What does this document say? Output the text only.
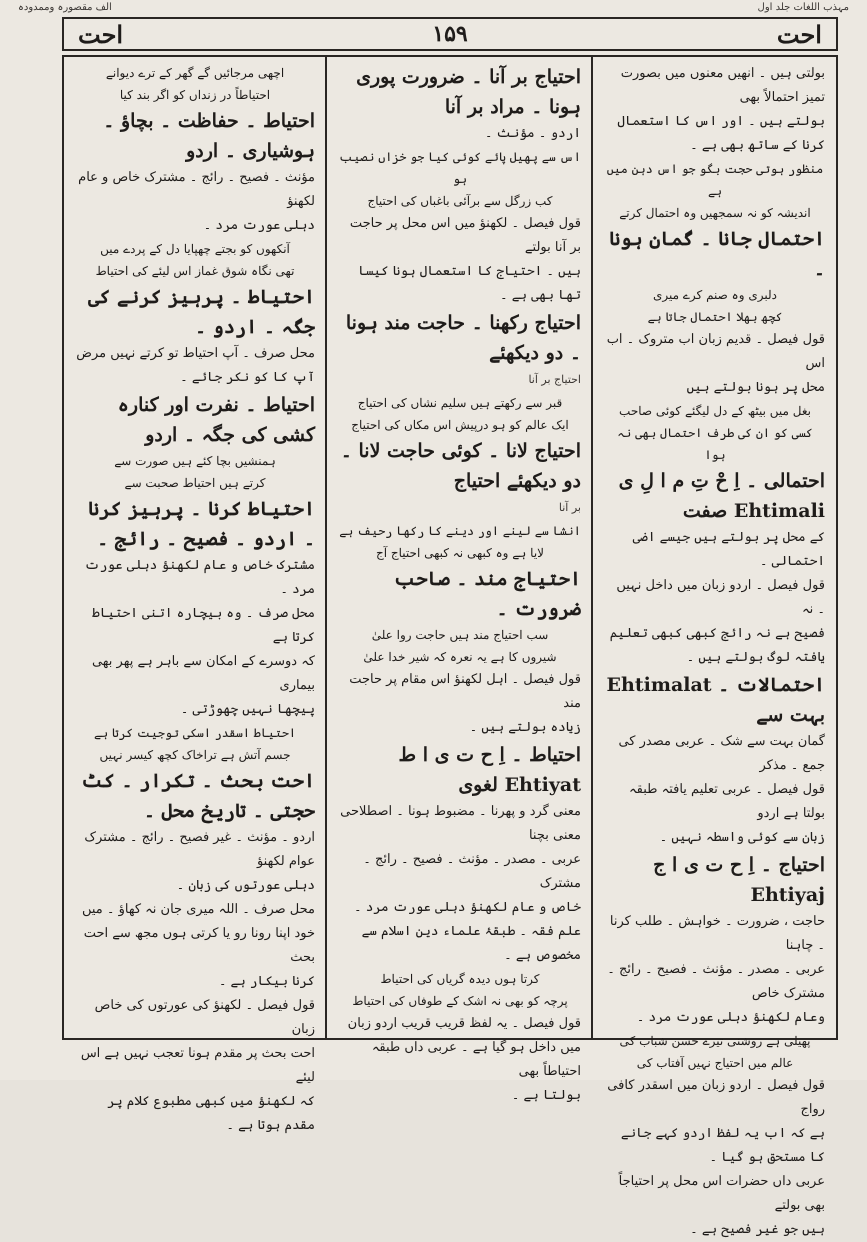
مہذب اللغات جلد اول
الف مقصورہ وممدودہ
احت	۱۵۹	احت

بولتی ہیں ۔ انھیں معنوں میں بصورت تمیز احتمالاً بھی

بولتے ہیں ۔ اور اس کا استعمال کرنا کے ساتھ بھی ہے ۔

منظور ہوتی حجت بگو جو اس دہن میں ہے

اندیشہ کو نہ سمجھیں وہ احتمال کرتے

احتمال جانا ۔ گمان ہونا ۔

دلبری وہ صنم کرے میری

کچھ بھلا احتمال جاتا ہے

قول فیصل ۔ قدیم زبان اب متروک ۔ اب اس

محل پر ہونا بولتے ہیں

بغل میں بیٹھ کے دل لیگئے کوئی صاحب

کسی کو ان کی طرف احتمال بھی نہ ہوا

احتمالی ۔ اِ حْ تِ م ا لِ ی Ehtimali صفت

کے محل پر بولتے ہیں جیسے اضی احتمالی ۔

قول فیصل ۔ اردو زبان میں داخل نہیں ۔ نہ

فصیح ہے نہ رائج کبھی کبھی تعلیم یافتہ لوگ بولتے ہیں ۔

احتمالات ۔ Ehtimalat بہت سے

گمان بہت سے شک ۔ عربی مصدر کی جمع ۔ مذکر

قول فیصل ۔ عربی تعلیم یافتہ طبقہ بولتا ہے اردو

زبان سے کوئی واسطہ نہیں ۔

احتیاج ۔ اِ ح ت ی ا ج Ehtiyaj

حاجت ، ضرورت ۔ خواہش ۔ طلب کرنا ۔ چاہنا

عربی ۔ مصدر ۔ مؤنث ۔ فصیح ۔ رائج ۔ مشترک خاص

وعام لکھنؤ دہلی عورت مرد ۔

پھیلی ہے روشنی تیرے حسن شباب کی

عالم میں احتیاج نہیں آفتاب کی

قول فیصل ۔ اردو زبان میں اسقدر کافی رواج

ہے کہ اب یہ لفظ اردو کہے جانے کا مستحق ہو گیا ۔

عربی داں حضرات اس محل پر احتیاجاً بھی بولتے

ہیں جو غیر فصیح ہے ۔

احتیاج بر آنا ۔ ضرورت پوری ہونا ۔ مراد بر آنا

اردو ۔ مؤنث ۔

اس سے پھیل پائے کوئی کیا جو خزاں نصیب ہو

کب زرگل سے برآئی باغباں کی احتیاج

قول فیصل ۔ لکھنؤ میں اس محل پر حاجت بر آنا بولتے

ہیں ۔ احتیاج کا استعمال ہونا کیسا تھا بھی ہے ۔

احتیاج رکھنا ۔ حاجت مند ہونا ۔ دو دیکھئے

احتیاج بر آنا

قبر سے رکھتے ہیں سلیم نشاں کی احتیاج

ایک عالم کو ہو درپیش اس مکاں کی احتیاج

احتیاج لانا ۔ کوئی حاجت لانا ۔ دو دیکھئے احتیاج

بر آنا

انشا سے لینے اور دینے کا رکھا رحیف ہے

لایا ہے وہ کبھی نہ کبھی احتیاج آج

احتیاج مند ۔ صاحب ضرورت ۔

سب احتیاج مند ہیں حاجت روا علیٰ

شیروں کا ہے یہ نعرہ کہ شیر خدا علیٰ

قول فیصل ۔ اہل لکھنؤ اس مقام پر حاجت مند

زیادہ بولتے ہیں ۔

احتیاط ۔ اِ ح ت ی ا ط Ehtiyat لغوی

معنی گرد و پھرنا ۔ مضبوط ہونا ۔ اصطلاحی معنی بچنا

عربی ۔ مصدر ۔ مؤنث ۔ فصیح ۔ رائج ۔ مشترک

خاص و عام لکھنؤ دہلی عورت مرد ۔

علم فقہ ۔ طبقۂ علماء دین اسلام سے مخصوص ہے ۔

کرتا ہوں دیدہ گریاں کی احتیاط

پرچہ کو بھی نہ اشک کے طوفاں کی احتیاط

قول فیصل ۔ یہ لفظ قریب قریب اردو زبان

میں داخل ہو گیا ہے ۔ عربی داں طبقہ احتیاطاً بھی

بولتا ہے ۔

اچھی مرجائیں گے گھر کے ترے دیوانے

احتیاطاً در زنداں کو اگر بند کیا

احتیاط ۔ حفاظت ۔ بچاؤ ۔ ہوشیاری ۔ اردو

مؤنث ۔ فصیح ۔ رائج ۔ مشترک خاص و عام لکھنؤ

دہلی عورت مرد ۔

آنکھوں کو بجتے چھپایا دل کے پردے میں

تھی نگاہ شوق غماز اس لیئے کی احتیاط

احتیاط ۔ پرہیز کرنے کی جگہ ۔ اردو ۔

محل صرف ۔ آپ احتیاط تو کرتے نہیں مرض

آپ کا کو نکر جائے ۔

احتیاط ۔ نفرت اور کنارہ کشی کی جگہ ۔ اردو

ہمنشیں بچا کئے ہیں صورت سے

کرتے ہیں احتیاط صحبت سے

احتیاط کرنا ۔ پرہیز کرنا ۔ اردو ۔ فصیح ۔ رائج ۔

مشترک خاص و عام لکھنؤ دہلی عورت مرد ۔

محل صرف ۔ وہ بیچارہ اتنی احتیاط کرتا ہے

کہ دوسرے کے امکان سے باہر ہے پھر بھی بیماری

پیچھا نہیں چھوڑتی ۔

احتیاط اسقدر اسکی توجیت کرتا ہے

جسم آتش ہے تراخاک کچھ کیسر نہیں

احت بحث ۔ تکرار ۔ کٹ حجتی ۔ تاریخ محل ۔

اردو ۔ مؤنث ۔ غیر فصیح ۔ رائج ۔ مشترک عوام لکھنؤ

دہلی عورتوں کی زبان ۔

محل صرف ۔ اللہ میری جان نہ کھاؤ ۔ میں

خود اپنا رونا رو یا کرتی ہوں مجھ سے احت بحث

کرنا بیکار ہے ۔

قول فیصل ۔ لکھنؤ کی عورتوں کی خاص زبان

احت بحث پر مقدم ہونا تعجب نہیں ہے اس لیئے

کہ لکھنؤ میں کبھی مطبوع کلام پر مقدم ہوتا ہے ۔
